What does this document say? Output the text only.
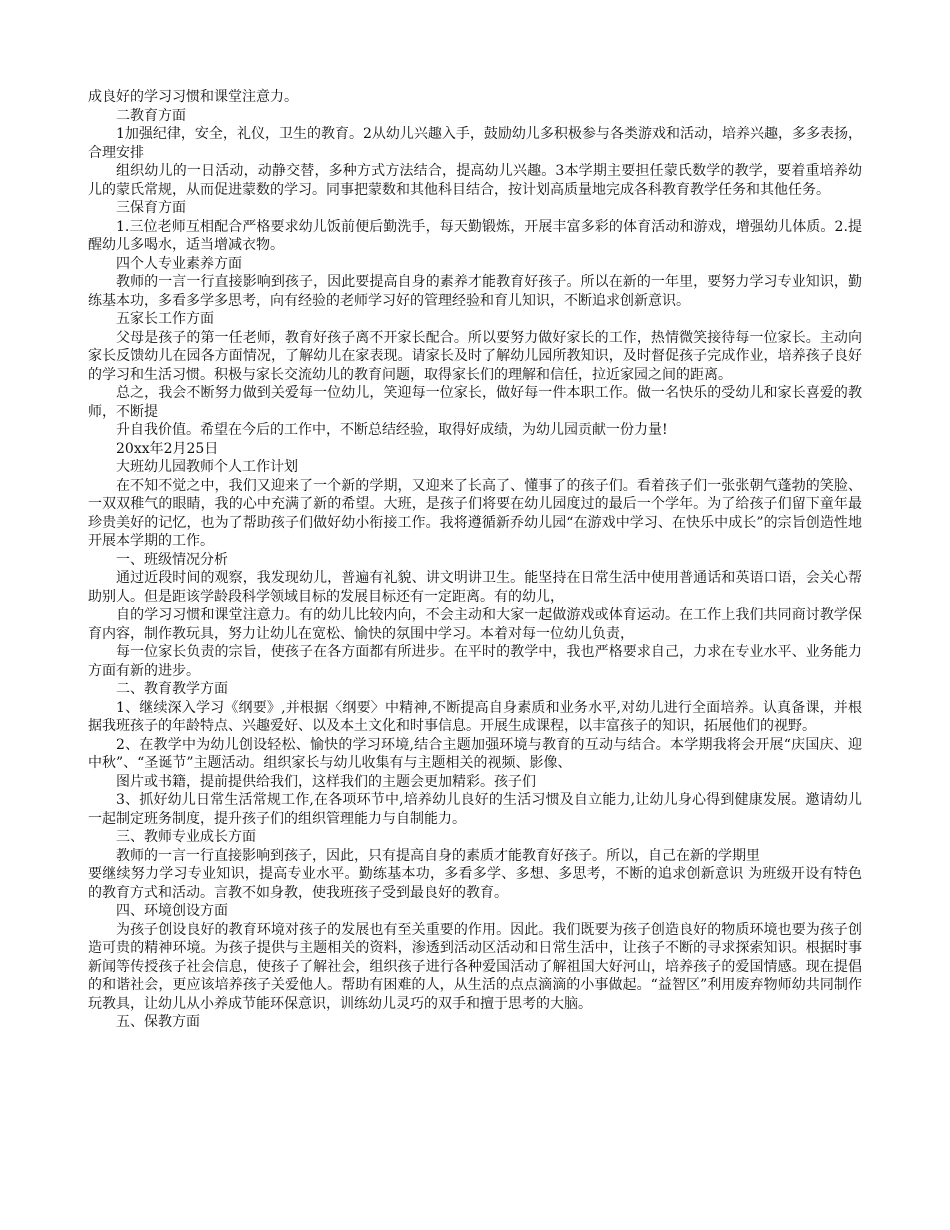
成良好的学习习惯和课堂注意力。

二教育方面

1加强纪律，安全，礼仪，卫生的教育。2从幼儿兴趣入手，鼓励幼儿多积极参与各类游戏和活动，培养兴趣，多多表扬，合理安排

组织幼儿的一日活动，动静交替，多种方式方法结合，提高幼儿兴趣。3本学期主要担任蒙氏数学的教学，要着重培养幼儿的蒙氏常规，从而促进蒙数的学习。同事把蒙数和其他科目结合，按计划高质量地完成各科教育教学任务和其他任务。

三保育方面

1.三位老师互相配合严格要求幼儿饭前便后勤洗手，每天勤锻炼，开展丰富多彩的体育活动和游戏，增强幼儿体质。2.提醒幼儿多喝水，适当增减衣物。

四个人专业素养方面

教师的一言一行直接影响到孩子，因此要提高自身的素养才能教育好孩子。所以在新的一年里，要努力学习专业知识，勤练基本功，多看多学多思考，向有经验的老师学习好的管理经验和育儿知识，不断追求创新意识。

五家长工作方面

父母是孩子的第一任老师，教育好孩子离不开家长配合。所以要努力做好家长的工作，热情微笑接待每一位家长。主动向家长反馈幼儿在园各方面情况，了解幼儿在家表现。请家长及时了解幼儿园所教知识，及时督促孩子完成作业，培养孩子良好的学习和生活习惯。积极与家长交流幼儿的教育问题，取得家长们的理解和信任，拉近家园之间的距离。

总之，我会不断努力做到关爱每一位幼儿，笑迎每一位家长，做好每一件本职工作。做一名快乐的受幼儿和家长喜爱的教师，不断提

升自我价值。希望在今后的工作中，不断总结经验，取得好成绩，为幼儿园贡献一份力量!

20xx年2月25日

大班幼儿园教师个人工作计划

在不知不觉之中，我们又迎来了一个新的学期，又迎来了长高了、懂事了的孩子们。看着孩子们一张张朝气蓬勃的笑脸、一双双稚气的眼睛，我的心中充满了新的希望。大班，是孩子们将要在幼儿园度过的最后一个学年。为了给孩子们留下童年最珍贵美好的记忆，也为了帮助孩子们做好幼小衔接工作。我将遵循新乔幼儿园“在游戏中学习、在快乐中成长”的宗旨创造性地开展本学期的工作。

一、班级情况分析

通过近段时间的观察，我发现幼儿，普遍有礼貌、讲文明讲卫生。能坚持在日常生活中使用普通话和英语口语，会关心帮助别人。但是距该学龄段科学领域目标的发展目标还有一定距离。有的幼儿，

自的学习习惯和课堂注意力。有的幼儿比较内向，不会主动和大家一起做游戏或体育运动。在工作上我们共同商讨教学保育内容，制作教玩具，努力让幼儿在宽松、愉快的氛围中学习。本着对每一位幼儿负责，

每一位家长负责的宗旨，使孩子在各方面都有所进步。在平时的教学中，我也严格要求自己，力求在专业水平、业务能力方面有新的进步。

二、教育教学方面

1、继续深入学习《纲要》,并根据〈纲要〉中精神,不断提高自身素质和业务水平,对幼儿进行全面培养。认真备课，并根据我班孩子的年龄特点、兴趣爱好、以及本土文化和时事信息。开展生成课程，以丰富孩子的知识，拓展他们的视野。

2、在教学中为幼儿创设轻松、愉快的学习环境,结合主题加强环境与教育的互动与结合。本学期我将会开展“庆国庆、迎中秋”、“圣诞节”主题活动。组织家长与幼儿收集有与主题相关的视频、影像、

图片或书籍，提前提供给我们，这样我们的主题会更加精彩。孩子们

3、抓好幼儿日常生活常规工作,在各项环节中,培养幼儿良好的生活习惯及自立能力,让幼儿身心得到健康发展。邀请幼儿一起制定班务制度，提升孩子们的组织管理能力与自制能力。

三、教师专业成长方面

教师的一言一行直接影响到孩子，因此，只有提高自身的素质才能教育好孩子。所以，自己在新的学期里

要继续努力学习专业知识，提高专业水平。勤练基本功，多看多学、多想、多思考，不断的追求创新意识 为班级开设有特色的教育方式和活动。言教不如身教，使我班孩子受到最良好的教育。

四、环境创设方面

为孩子创设良好的教育环境对孩子的发展也有至关重要的作用。因此。我们既要为孩子创造良好的物质环境也要为孩子创造可贵的精神环境。为孩子提供与主题相关的资料，渗透到活动区活动和日常生活中，让孩子不断的寻求探索知识。根据时事新闻等传授孩子社会信息，使孩子了解社会，组织孩子进行各种爱国活动了解祖国大好河山，培养孩子的爱国情感。现在提倡的和谐社会，更应该培养孩子关爱他人。帮助有困难的人，从生活的点点滴滴的小事做起。“益智区”利用废弃物师幼共同制作玩教具，让幼儿从小养成节能环保意识，训练幼儿灵巧的双手和擅于思考的大脑。

五、保教方面
